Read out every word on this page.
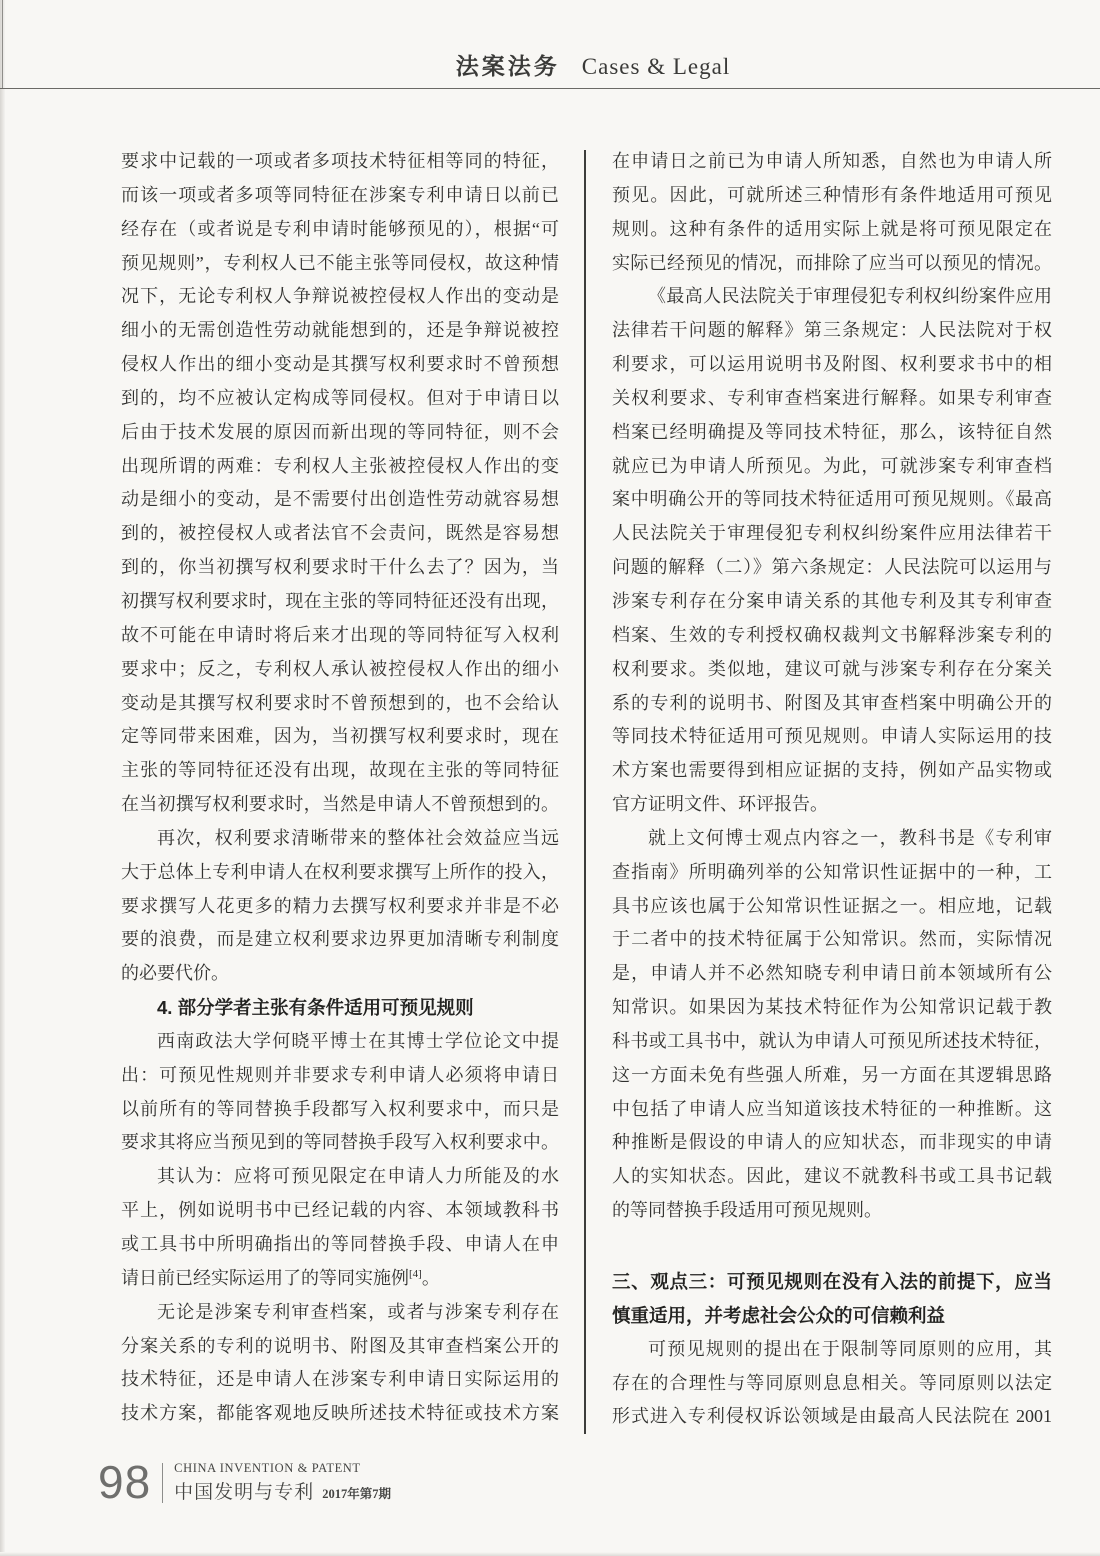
法案法务 Cases & Legal
要求中记载的一项或者多项技术特征相等同的特征，
而该一项或者多项等同特征在涉案专利申请日以前已
经存在（或者说是专利申请时能够预见的），根据“可
预见规则”，专利权人已不能主张等同侵权，故这种情
况下，无论专利权人争辩说被控侵权人作出的变动是
细小的无需创造性劳动就能想到的，还是争辩说被控
侵权人作出的细小变动是其撰写权利要求时不曾预想
到的，均不应被认定构成等同侵权。但对于申请日以
后由于技术发展的原因而新出现的等同特征，则不会
出现所谓的两难：专利权人主张被控侵权人作出的变
动是细小的变动，是不需要付出创造性劳动就容易想
到的，被控侵权人或者法官不会责问，既然是容易想
到的，你当初撰写权利要求时干什么去了？因为，当
初撰写权利要求时，现在主张的等同特征还没有出现，
故不可能在申请时将后来才出现的等同特征写入权利
要求中；反之，专利权人承认被控侵权人作出的细小
变动是其撰写权利要求时不曾预想到的，也不会给认
定等同带来困难，因为，当初撰写权利要求时，现在
主张的等同特征还没有出现，故现在主张的等同特征
在当初撰写权利要求时，当然是申请人不曾预想到的。
再次，权利要求清晰带来的整体社会效益应当远
大于总体上专利申请人在权利要求撰写上所作的投入，
要求撰写人花更多的精力去撰写权利要求并非是不必
要的浪费，而是建立权利要求边界更加清晰专利制度
的必要代价。
4. 部分学者主张有条件适用可预见规则
西南政法大学何晓平博士在其博士学位论文中提
出：可预见性规则并非要求专利申请人必须将申请日
以前所有的等同替换手段都写入权利要求中，而只是
要求其将应当预见到的等同替换手段写入权利要求中。
其认为：应将可预见限定在申请人力所能及的水
平上，例如说明书中已经记载的内容、本领域教科书
或工具书中所明确指出的等同替换手段、申请人在申
请日前已经实际运用了的等同实施例[4]。
无论是涉案专利审查档案，或者与涉案专利存在
分案关系的专利的说明书、附图及其审查档案公开的
技术特征，还是申请人在涉案专利申请日实际运用的
技术方案，都能客观地反映所述技术特征或技术方案
在申请日之前已为申请人所知悉，自然也为申请人所
预见。因此，可就所述三种情形有条件地适用可预见
规则。这种有条件的适用实际上就是将可预见限定在
实际已经预见的情况，而排除了应当可以预见的情况。
《最高人民法院关于审理侵犯专利权纠纷案件应用
法律若干问题的解释》第三条规定：人民法院对于权
利要求，可以运用说明书及附图、权利要求书中的相
关权利要求、专利审查档案进行解释。如果专利审查
档案已经明确提及等同技术特征，那么，该特征自然
就应已为申请人所预见。为此，可就涉案专利审查档
案中明确公开的等同技术特征适用可预见规则。《最高
人民法院关于审理侵犯专利权纠纷案件应用法律若干
问题的解释（二）》第六条规定：人民法院可以运用与
涉案专利存在分案申请关系的其他专利及其专利审查
档案、生效的专利授权确权裁判文书解释涉案专利的
权利要求。类似地，建议可就与涉案专利存在分案关
系的专利的说明书、附图及其审查档案中明确公开的
等同技术特征适用可预见规则。申请人实际运用的技
术方案也需要得到相应证据的支持，例如产品实物或
官方证明文件、环评报告。
就上文何博士观点内容之一，教科书是《专利审
查指南》所明确列举的公知常识性证据中的一种，工
具书应该也属于公知常识性证据之一。相应地，记载
于二者中的技术特征属于公知常识。然而，实际情况
是，申请人并不必然知晓专利申请日前本领域所有公
知常识。如果因为某技术特征作为公知常识记载于教
科书或工具书中，就认为申请人可预见所述技术特征，
这一方面未免有些强人所难，另一方面在其逻辑思路
中包括了申请人应当知道该技术特征的一种推断。这
种推断是假设的申请人的应知状态，而非现实的申请
人的实知状态。因此，建议不就教科书或工具书记载
的等同替换手段适用可预见规则。
三、观点三：可预见规则在没有入法的前提下，应当
慎重适用，并考虑社会公众的可信赖利益
可预见规则的提出在于限制等同原则的应用，其
存在的合理性与等同原则息息相关。等同原则以法定
形式进入专利侵权诉讼领域是由最高人民法院在 2001
98 CHINA INVENTION & PATENT
中国发明与专利 2017年第7期
